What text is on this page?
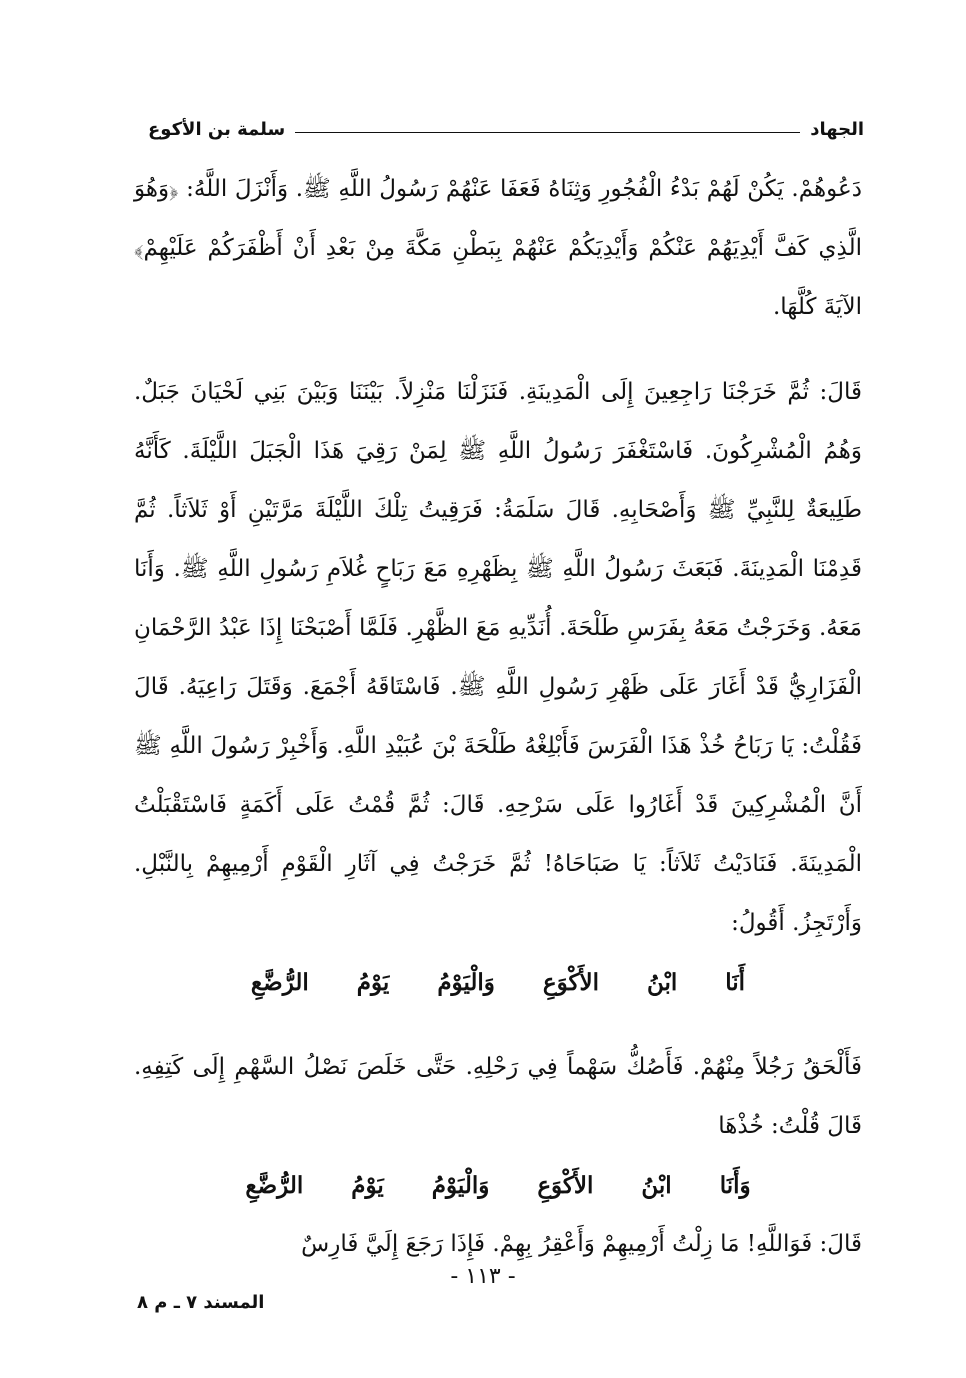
الجهاد
سلمة بن الأكوع

دَعُوهُمْ. يَكُنْ لَهُمْ بَدْءُ الْفُجُورِ وَثِنَاهُ فَعَفَا عَنْهُمْ رَسُولُ اللَّهِ ﷺ. وَأَنْزَلَ اللَّهُ: ﴿وَهُوَ الَّذِي كَفَّ أَيْدِيَهُمْ عَنْكُمْ وَأَيْدِيَكُمْ عَنْهُمْ بِبَطْنِ مَكَّةَ مِنْ بَعْدِ أَنْ أَظْفَرَكُمْ عَلَيْهِمْ﴾ الآيَةَ كُلَّهَا.

قَالَ: ثُمَّ خَرَجْنَا رَاجِعِينَ إِلَى الْمَدِينَةِ. فَنَزَلْنَا مَنْزِلاً. بَيْنَنَا وَبَيْنَ بَنِي لَحْيَانَ جَبَلٌ. وَهُمُ الْمُشْرِكُونَ. فَاسْتَغْفَرَ رَسُولُ اللَّهِ ﷺ لِمَنْ رَقِيَ هَذَا الْجَبَلَ اللَّيْلَةَ. كَأَنَّهُ طَلِيعَةٌ لِلنَّبِيِّ ﷺ وَأَصْحَابِهِ. قَالَ سَلَمَةُ: فَرَقِيتُ تِلْكَ اللَّيْلَةَ مَرَّتَيْنِ أَوْ ثَلاَثاً. ثُمَّ قَدِمْنَا الْمَدِينَةَ. فَبَعَثَ رَسُولُ اللَّهِ ﷺ بِظَهْرِهِ مَعَ رَبَاحٍ غُلاَمِ رَسُولِ اللَّهِ ﷺ. وَأَنَا مَعَهُ. وَخَرَجْتُ مَعَهُ بِفَرَسِ طَلْحَةَ. أُنَدِّيهِ مَعَ الظَّهْرِ. فَلَمَّا أَصْبَحْنَا إِذَا عَبْدُ الرَّحْمَانِ الْفَزَارِيُّ قَدْ أَغَارَ عَلَى ظَهْرِ رَسُولِ اللَّهِ ﷺ. فَاسْتَاقَهُ أَجْمَعَ. وَقَتَلَ رَاعِيَهُ. قَالَ فَقُلْتُ: يَا رَبَاحُ خُذْ هَذَا الْفَرَسَ فَأَبْلِغْهُ طَلْحَةَ بْنَ عُبَيْدِ اللَّهِ. وَأَخْبِرْ رَسُولَ اللَّهِ ﷺ أَنَّ الْمُشْرِكِينَ قَدْ أَغَارُوا عَلَى سَرْحِهِ. قَالَ: ثُمَّ قُمْتُ عَلَى أَكَمَةٍ فَاسْتَقْبَلْتُ الْمَدِينَةَ. فَنَادَيْتُ ثَلاَثاً: يَا صَبَاحَاهُ! ثُمَّ خَرَجْتُ فِي آثَارِ الْقَوْمِ أَرْمِيهِمْ بِالنَّبْلِ. وَأَرْتَجِزُ. أَقُولُ:

أَنَا ابْنُ الأَكْوَعِ وَالْيَوْمُ يَوْمُ الرُّضَّعِ

فَأَلْحَقُ رَجُلاً مِنْهُمْ. فَأَصُكُّ سَهْماً فِي رَحْلِهِ. حَتَّى خَلَصَ نَصْلُ السَّهْمِ إِلَى كَتِفِهِ. قَالَ قُلْتُ: خُذْهَا

وَأَنَا ابْنُ الأَكْوَعِ وَالْيَوْمُ يَوْمُ الرُّضَّعِ

قَالَ: فَوَاللَّهِ! مَا زِلْتُ أَرْمِيهِمْ وَأَعْقِرُ بِهِمْ. فَإِذَا رَجَعَ إِلَيَّ فَارِسٌ

- ١١٣ -
المسند ٧ ـ م ٨
